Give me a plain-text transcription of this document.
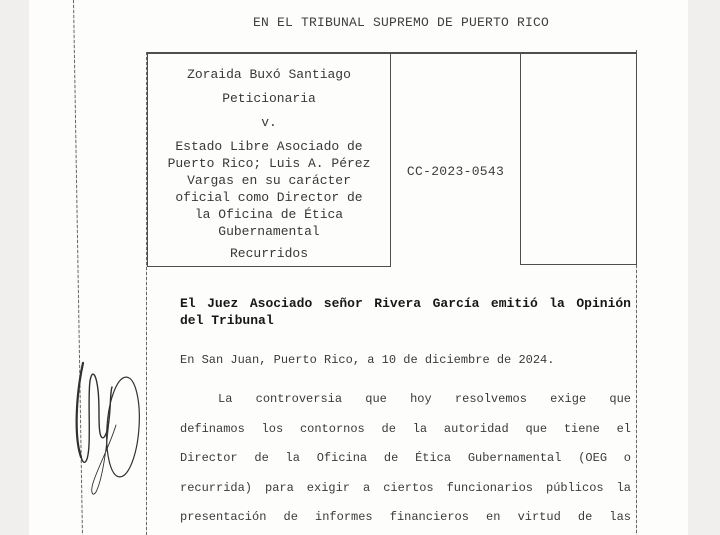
EN EL TRIBUNAL SUPREMO DE PUERTO RICO
Zoraida Buxó Santiago
Peticionaria
v.
Estado Libre Asociado de
Puerto Rico; Luis A. Pérez
Vargas en su carácter
oficial como Director de
la Oficina de Ética
Gubernamental
Recurridos
CC-2023-0543
El Juez Asociado señor Rivera García emitió la Opinión
del Tribunal
En San Juan, Puerto Rico, a 10 de diciembre de 2024.
La controversia que hoy resolvemos exige que
definamos los contornos de la autoridad que tiene el
Director de la Oficina de Ética Gubernamental (OEG o
recurrida) para exigir a ciertos funcionarios públicos la
presentación de informes financieros en virtud de las
